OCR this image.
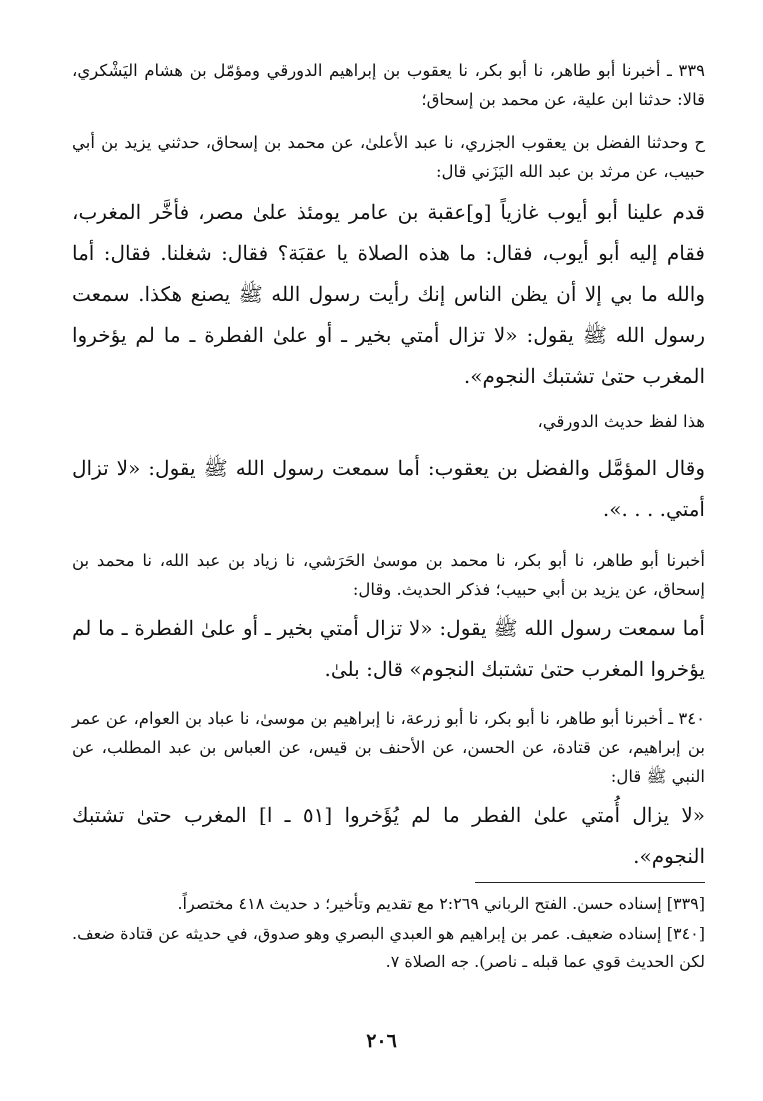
٣٣٩ ـ أخبرنا أبو طاهر، نا أبو بكر، نا يعقوب بن إبراهيم الدورقي ومؤمّل بن هشام اليَشْكري، قالا: حدثنا ابن علية، عن محمد بن إسحاق؛

ح وحدثنا الفضل بن يعقوب الجزري، نا عبد الأعلىٰ، عن محمد بن إسحاق، حدثني يزيد بن أبي حبيب، عن مرثد بن عبد الله اليَزَني قال:

قدم علينا أبو أيوب غازياً [و]عقبة بن عامر يومئذ علىٰ مصر، فأخَّر المغرب، فقام إليه أبو أيوب، فقال: ما هذه الصلاة يا عقبَة؟ فقال: شغلنا. فقال: أما والله ما بي إلا أن يظن الناس إنك رأيت رسول الله ﷺ يصنع هكذا. سمعت رسول الله ﷺ يقول: «لا تزال أمتي بخير ـ أو علىٰ الفطرة ـ ما لم يؤخروا المغرب حتىٰ تشتبك النجوم».

هذا لفظ حديث الدورقي،

وقال المؤمَّل والفضل بن يعقوب: أما سمعت رسول الله ﷺ يقول: «لا تزال أمتي. . . .».

أخبرنا أبو طاهر، نا أبو بكر، نا محمد بن موسىٰ الحَرَشي، نا زياد بن عبد الله، نا محمد بن إسحاق، عن يزيد بن أبي حبيب؛ فذكر الحديث. وقال:

أما سمعت رسول الله ﷺ يقول: «لا تزال أمتي بخير ـ أو علىٰ الفطرة ـ ما لم يؤخروا المغرب حتىٰ تشتبك النجوم» قال: بلىٰ.

٣٤٠ ـ أخبرنا أبو طاهر، نا أبو بكر، نا أبو زرعة، نا إبراهيم بن موسىٰ، نا عباد بن العوام، عن عمر بن إبراهيم، عن قتادة، عن الحسن، عن الأحنف بن قيس، عن العباس بن عبد المطلب، عن النبي ﷺ قال:

«لا يزال أُمتي علىٰ الفطر ما لم يُؤَخروا [٥١ ـ ا] المغرب حتىٰ تشتبك النجوم».

[٣٣٩] إسناده حسن. الفتح الرباني ٢:٢٦٩ مع تقديم وتأخير؛ د حديث ٤١٨ مختصراً.

[٣٤٠] إسناده ضعيف. عمر بن إبراهيم هو العبدي البصري وهو صدوق، في حديثه عن قتادة ضعف. لكن الحديث قوي عما قبله ـ ناصر). جه الصلاة ٧.

٢٠٦
